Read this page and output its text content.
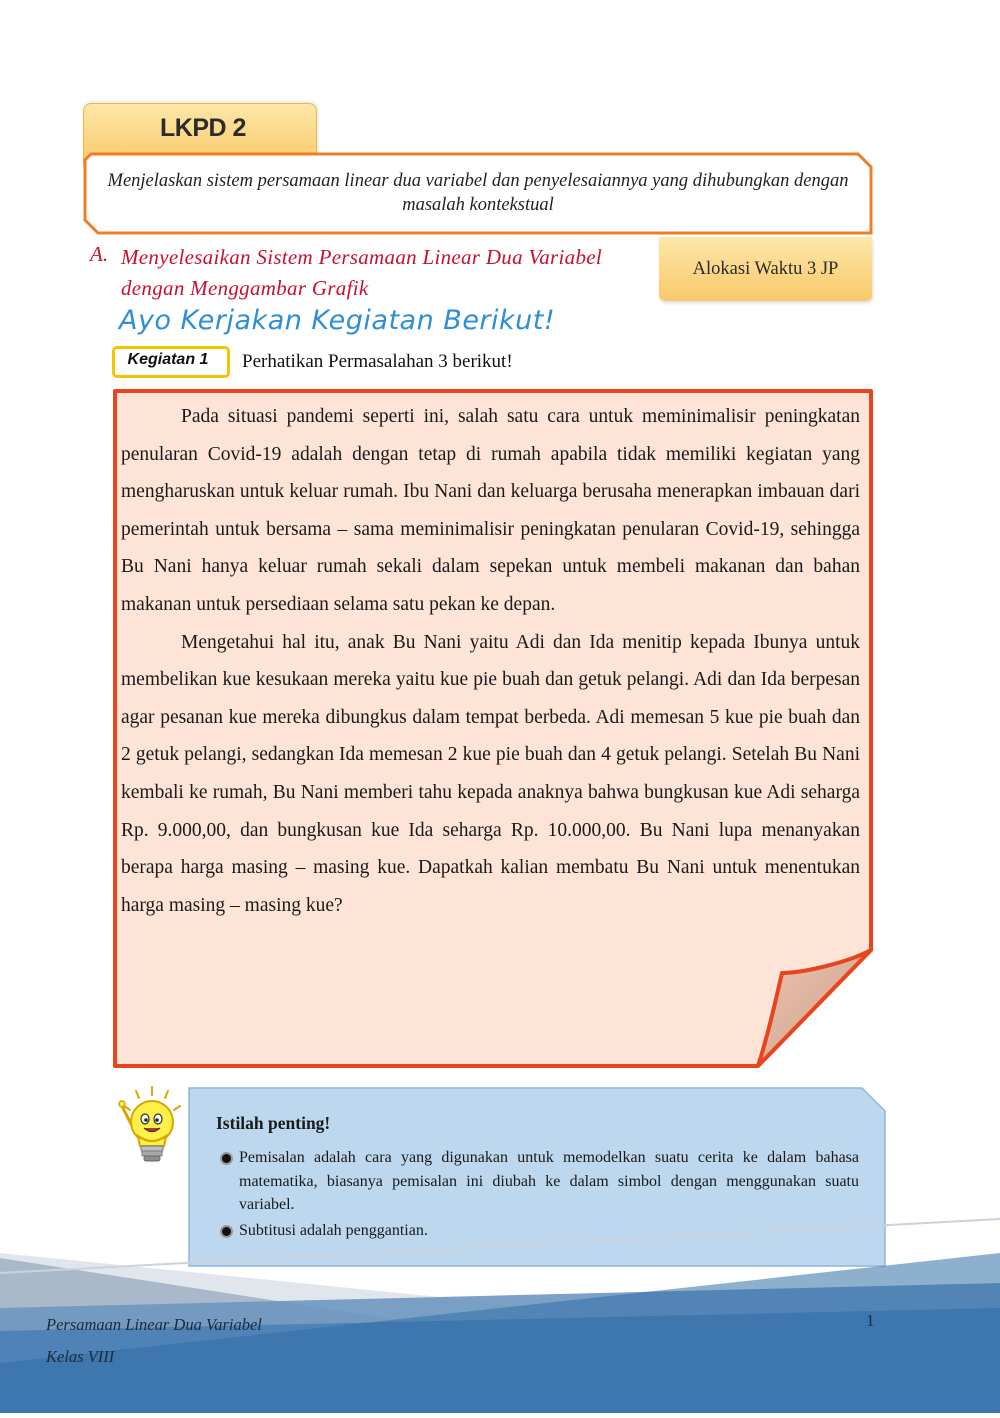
LKPD 2
Menjelaskan sistem persamaan linear dua variabel dan penyelesaiannya yang dihubungkan dengan masalah kontekstual
A. Menyelesaikan Sistem Persamaan Linear Dua Variabel dengan Menggambar Grafik
Alokasi Waktu 3 JP
Ayo Kerjakan Kegiatan Berikut!
Kegiatan 1	Perhatikan Permasalahan 3 berikut!

Pada situasi pandemi seperti ini, salah satu cara untuk meminimalisir peningkatan penularan Covid-19 adalah dengan tetap di rumah apabila tidak memiliki kegiatan yang mengharuskan untuk keluar rumah. Ibu Nani dan keluarga berusaha menerapkan imbauan dari pemerintah untuk bersama – sama meminimalisir peningkatan penularan Covid-19, sehingga Bu Nani hanya keluar rumah sekali dalam sepekan untuk membeli makanan dan bahan makanan untuk persediaan selama satu pekan ke depan.

Mengetahui hal itu, anak Bu Nani yaitu Adi dan Ida menitip kepada Ibunya untuk membelikan kue kesukaan mereka yaitu kue pie buah dan getuk pelangi. Adi dan Ida berpesan agar pesanan kue mereka dibungkus dalam tempat berbeda. Adi memesan 5 kue pie buah dan 2 getuk pelangi, sedangkan Ida memesan 2 kue pie buah dan 4 getuk pelangi. Setelah Bu Nani kembali ke rumah, Bu Nani memberi tahu kepada anaknya bahwa bungkusan kue Adi seharga Rp. 9.000,00, dan bungkusan kue Ida seharga Rp. 10.000,00. Bu Nani lupa menanyakan berapa harga masing – masing kue. Dapatkah kalian membatu Bu Nani untuk menentukan harga masing – masing kue?

Istilah penting!
Pemisalan adalah cara yang digunakan untuk memodelkan suatu cerita ke dalam bahasa matematika, biasanya pemisalan ini diubah ke dalam simbol dengan menggunakan suatu variabel.
Subtitusi adalah penggantian.
Persamaan Linear Dua Variabel
Kelas VIII
1
